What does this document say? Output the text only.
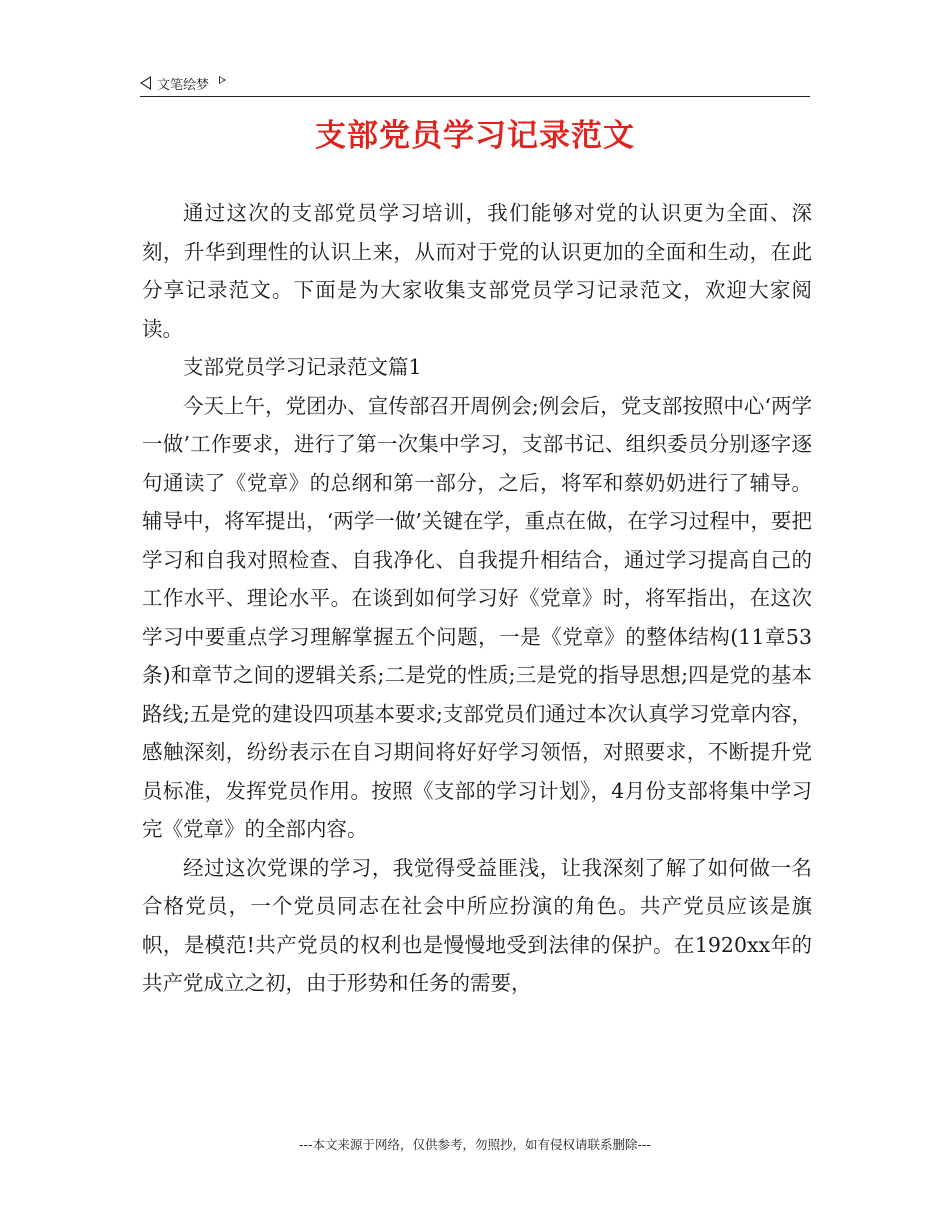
文笔绘梦
支部党员学习记录范文

通过这次的支部党员学习培训，我们能够对党的认识更为全面、深刻，升华到理性的认识上来，从而对于党的认识更加的全面和生动，在此分享记录范文。下面是为大家收集支部党员学习记录范文，欢迎大家阅读。

支部党员学习记录范文篇1

今天上午，党团办、宣传部召开周例会;例会后，党支部按照中心‘两学一做’工作要求，进行了第一次集中学习，支部书记、组织委员分别逐字逐句通读了《党章》的总纲和第一部分，之后，将军和蔡奶奶进行了辅导。辅导中，将军提出，‘两学一做’关键在学，重点在做，在学习过程中，要把学习和自我对照检查、自我净化、自我提升相结合，通过学习提高自己的工作水平、理论水平。在谈到如何学习好《党章》时，将军指出，在这次学习中要重点学习理解掌握五个问题，一是《党章》的整体结构(11章53条)和章节之间的逻辑关系;二是党的性质;三是党的指导思想;四是党的基本路线;五是党的建设四项基本要求;支部党员们通过本次认真学习党章内容，感触深刻，纷纷表示在自习期间将好好学习领悟，对照要求，不断提升党员标准，发挥党员作用。按照《支部的学习计划》，4月份支部将集中学习完《党章》的全部内容。

经过这次党课的学习，我觉得受益匪浅，让我深刻了解了如何做一名合格党员，一个党员同志在社会中所应扮演的角色。共产党员应该是旗帜，是模范!共产党员的权利也是慢慢地受到法律的保护。在1920xx年的共产党成立之初，由于形势和任务的需要，

---本文来源于网络，仅供参考，勿照抄，如有侵权请联系删除---
